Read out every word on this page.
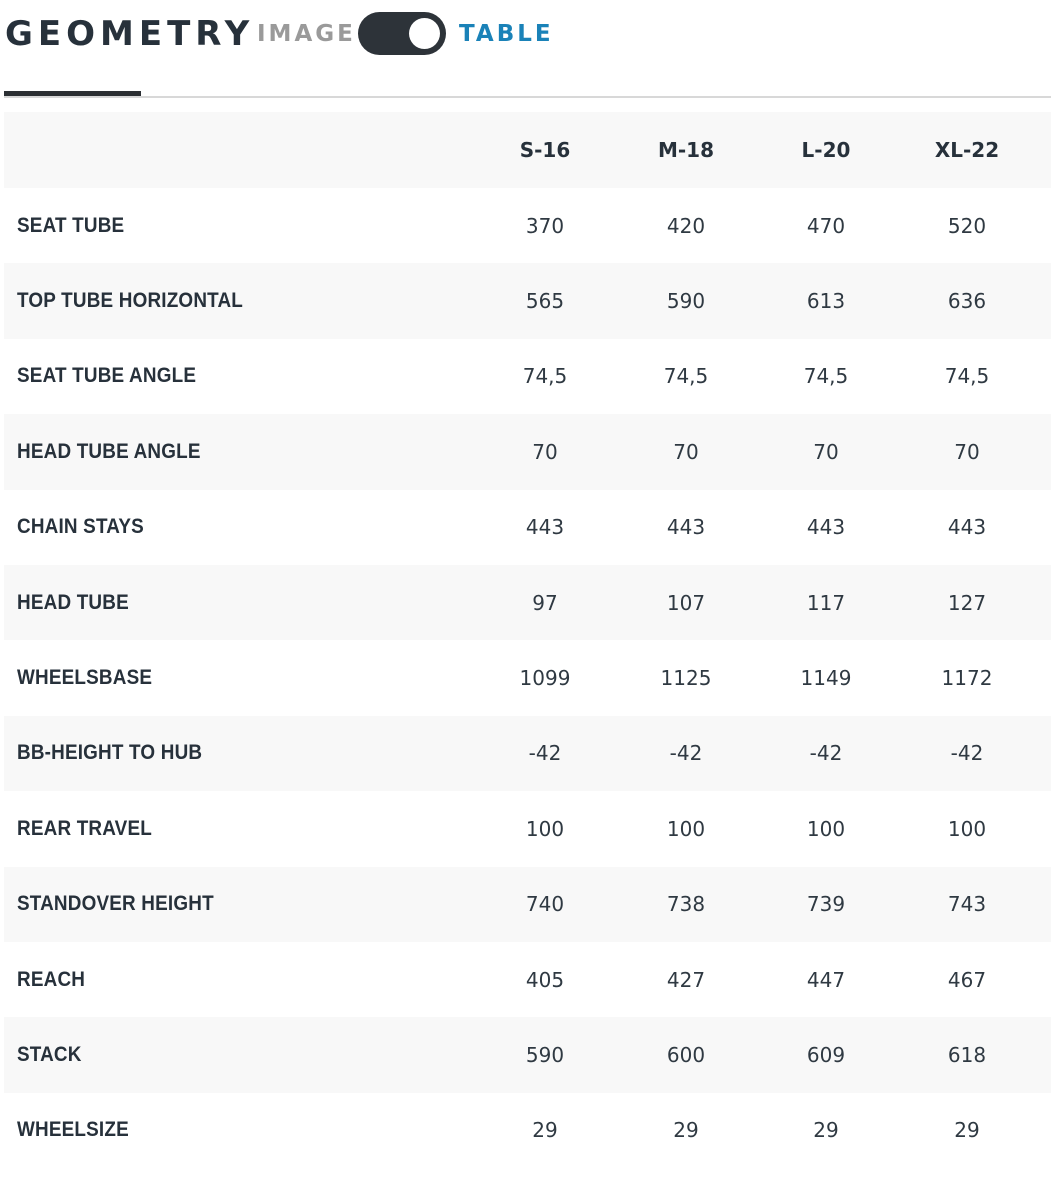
GEOMETRY IMAGE	TABLE
S-16	M-18	L-20	XL-22
SEAT TUBE	370	420	470	520
TOP TUBE HORIZONTAL	565	590	613	636
SEAT TUBE ANGLE	74,5	74,5	74,5	74,5
HEAD TUBE ANGLE	70	70	70	70
CHAIN STAYS	443	443	443	443
HEAD TUBE	97	107	117	127
WHEELSBASE	1099	1125	1149	1172
BB-HEIGHT TO HUB	-42	-42	-42	-42
REAR TRAVEL	100	100	100	100
STANDOVER HEIGHT	740	738	739	743
REACH	405	427	447	467
STACK	590	600	609	618
WHEELSIZE	29	29	29	29
